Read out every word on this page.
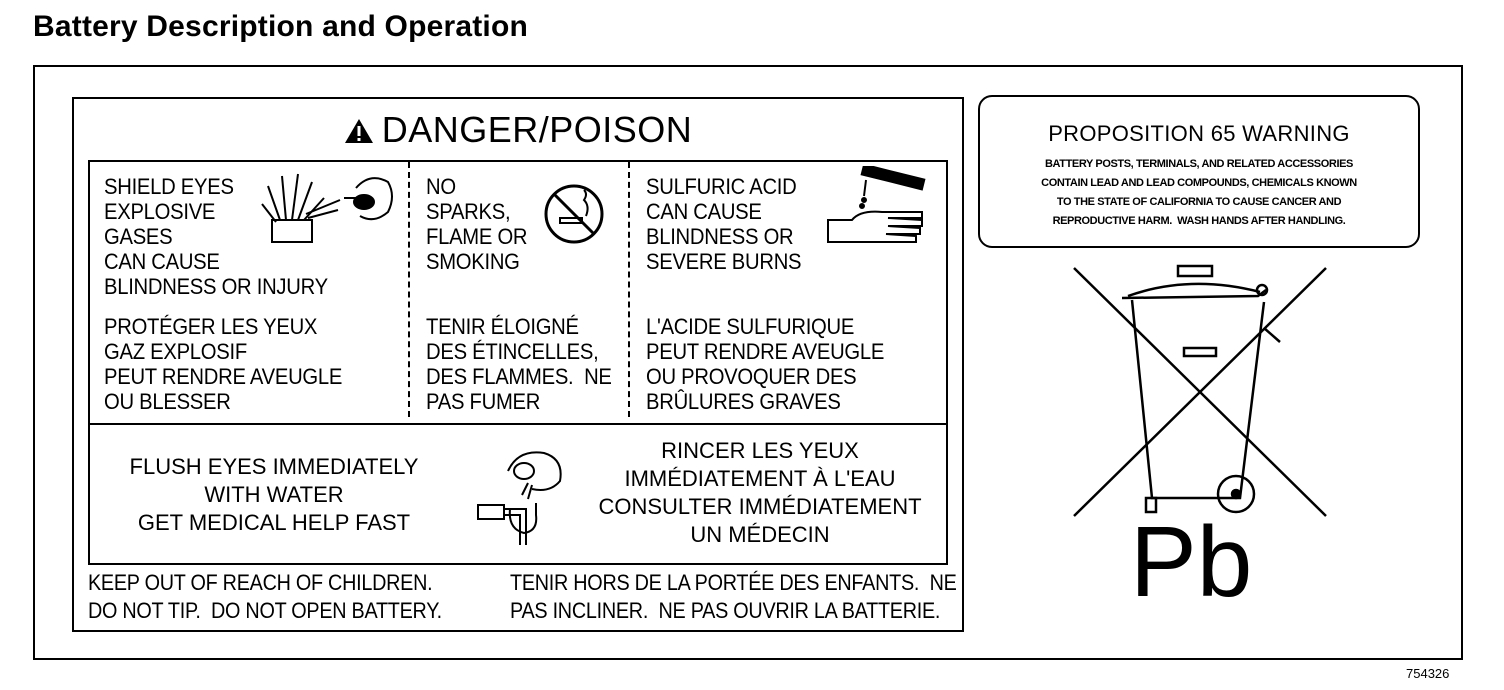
Battery Description and Operation
DANGER/POISON
SHIELD EYES
EXPLOSIVE
GASES
CAN CAUSE
BLINDNESS OR INJURY
PROTÉGER LES YEUX
GAZ EXPLOSIF
PEUT RENDRE AVEUGLE
OU BLESSER
NO
SPARKS,
FLAME OR
SMOKING
TENIR ÉLOIGNÉ
DES ÉTINCELLES,
DES FLAMMES.  NE
PAS FUMER
SULFURIC ACID
CAN CAUSE
BLINDNESS OR
SEVERE BURNS
L'ACIDE SULFURIQUE
PEUT RENDRE AVEUGLE
OU PROVOQUER DES
BRÛLURES GRAVES
FLUSH EYES IMMEDIATELY
WITH WATER
GET MEDICAL HELP FAST
RINCER LES YEUX
IMMÉDIATEMENT À L'EAU
CONSULTER IMMÉDIATEMENT
UN MÉDECIN
KEEP OUT OF REACH OF CHILDREN.
DO NOT TIP.  DO NOT OPEN BATTERY.
TENIR HORS DE LA PORTÉE DES ENFANTS.  NE
PAS INCLINER.  NE PAS OUVRIR LA BATTERIE.
PROPOSITION 65 WARNING
BATTERY POSTS, TERMINALS, AND RELATED ACCESSORIES
CONTAIN LEAD AND LEAD COMPOUNDS, CHEMICALS KNOWN
TO THE STATE OF CALIFORNIA TO CAUSE CANCER AND
REPRODUCTIVE HARM.  WASH HANDS AFTER HANDLING.
Pb
754326
